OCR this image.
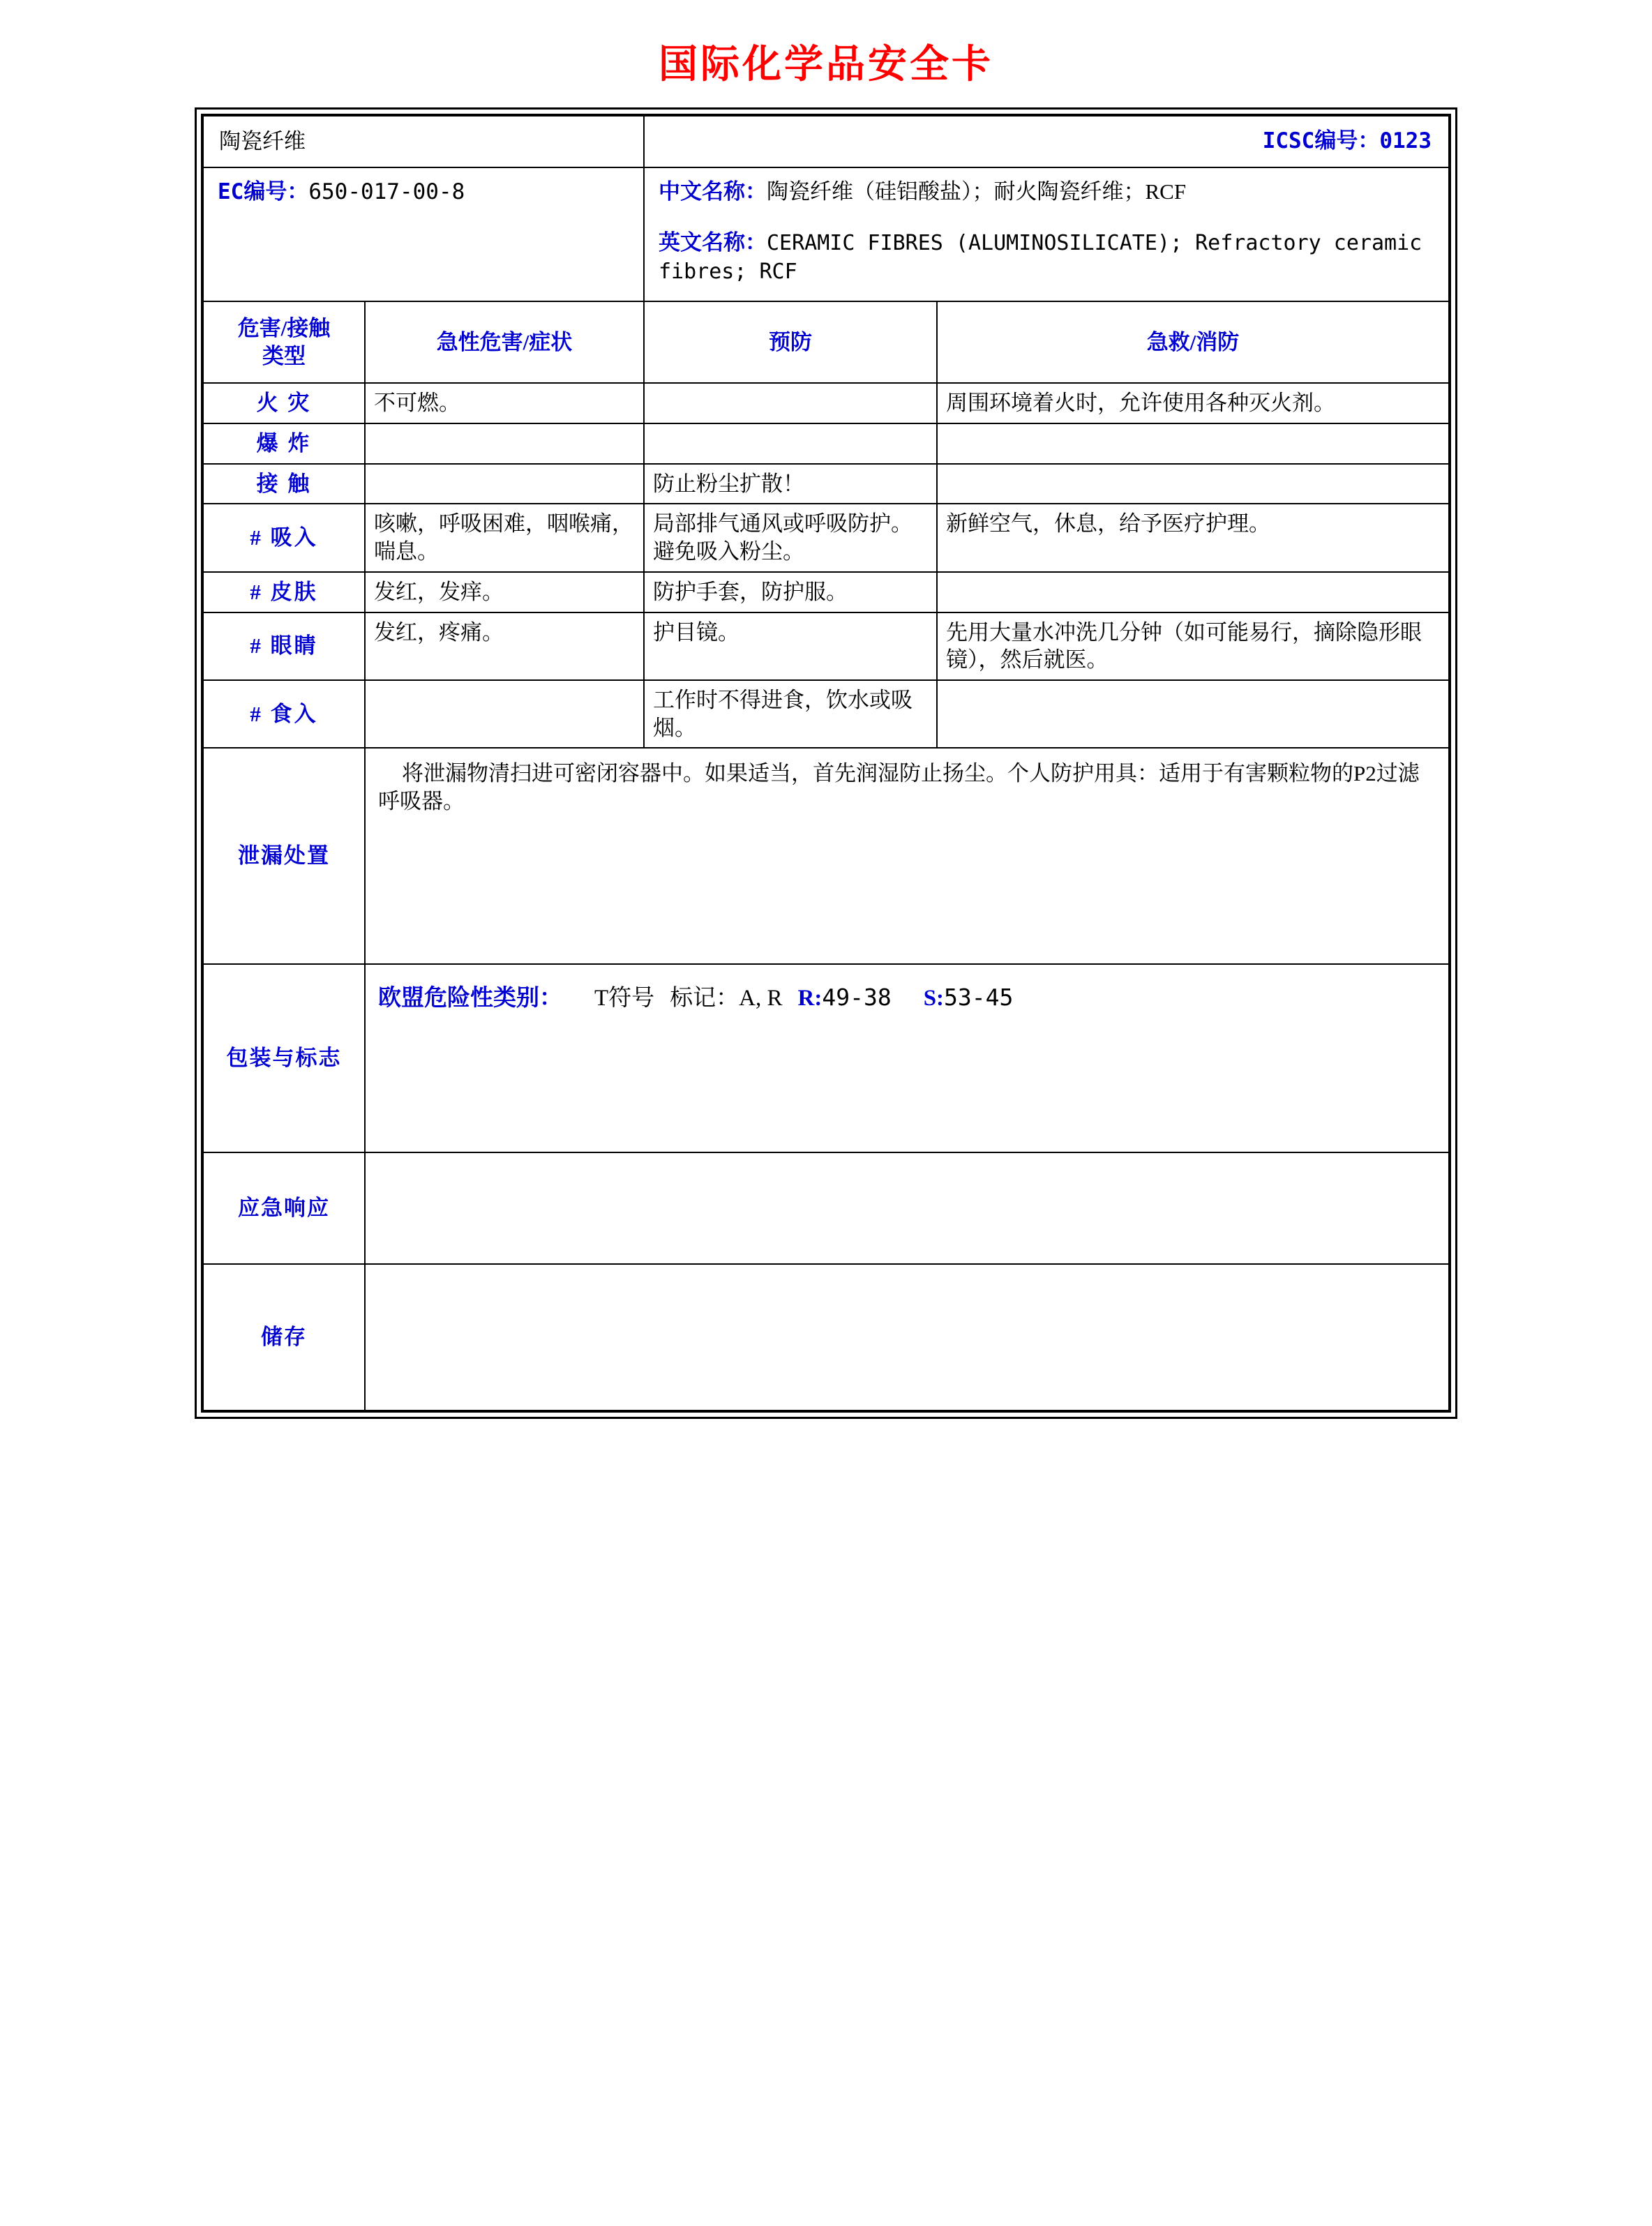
国际化学品安全卡
陶瓷纤维	ICSC编号：0123
EC编号：650-017-00-8	中文名称：陶瓷纤维（硅铝酸盐）；耐火陶瓷纤维；RCF
英文名称：CERAMIC FIBRES (ALUMINOSILICATE); Refractory ceramic fibres; RCF
危害/接触
类型	急性危害/症状	预防	急救/消防
火 灾	不可燃。		周围环境着火时，允许使用各种灭火剂。
爆 炸			
接 触		防止粉尘扩散！	
# 吸入	咳嗽，呼吸困难，咽喉痛，喘息。	局部排气通风或呼吸防护。避免吸入粉尘。	新鲜空气，休息，给予医疗护理。
# 皮肤	发红，发痒。	防护手套，防护服。	
# 眼睛	发红，疼痛。	护目镜。	先用大量水冲洗几分钟（如可能易行，摘除隐形眼镜），然后就医。
# 食入		工作时不得进食，饮水或吸烟。	
泄漏处置	将泄漏物清扫进可密闭容器中。如果适当，首先润湿防止扬尘。个人防护用具：适用于有害颗粒物的P2过滤呼吸器。		
包装与标志	欧盟危险性类别： T符号 标记：A, R R:49-38 S:53-45		

应急响应			
储存			
